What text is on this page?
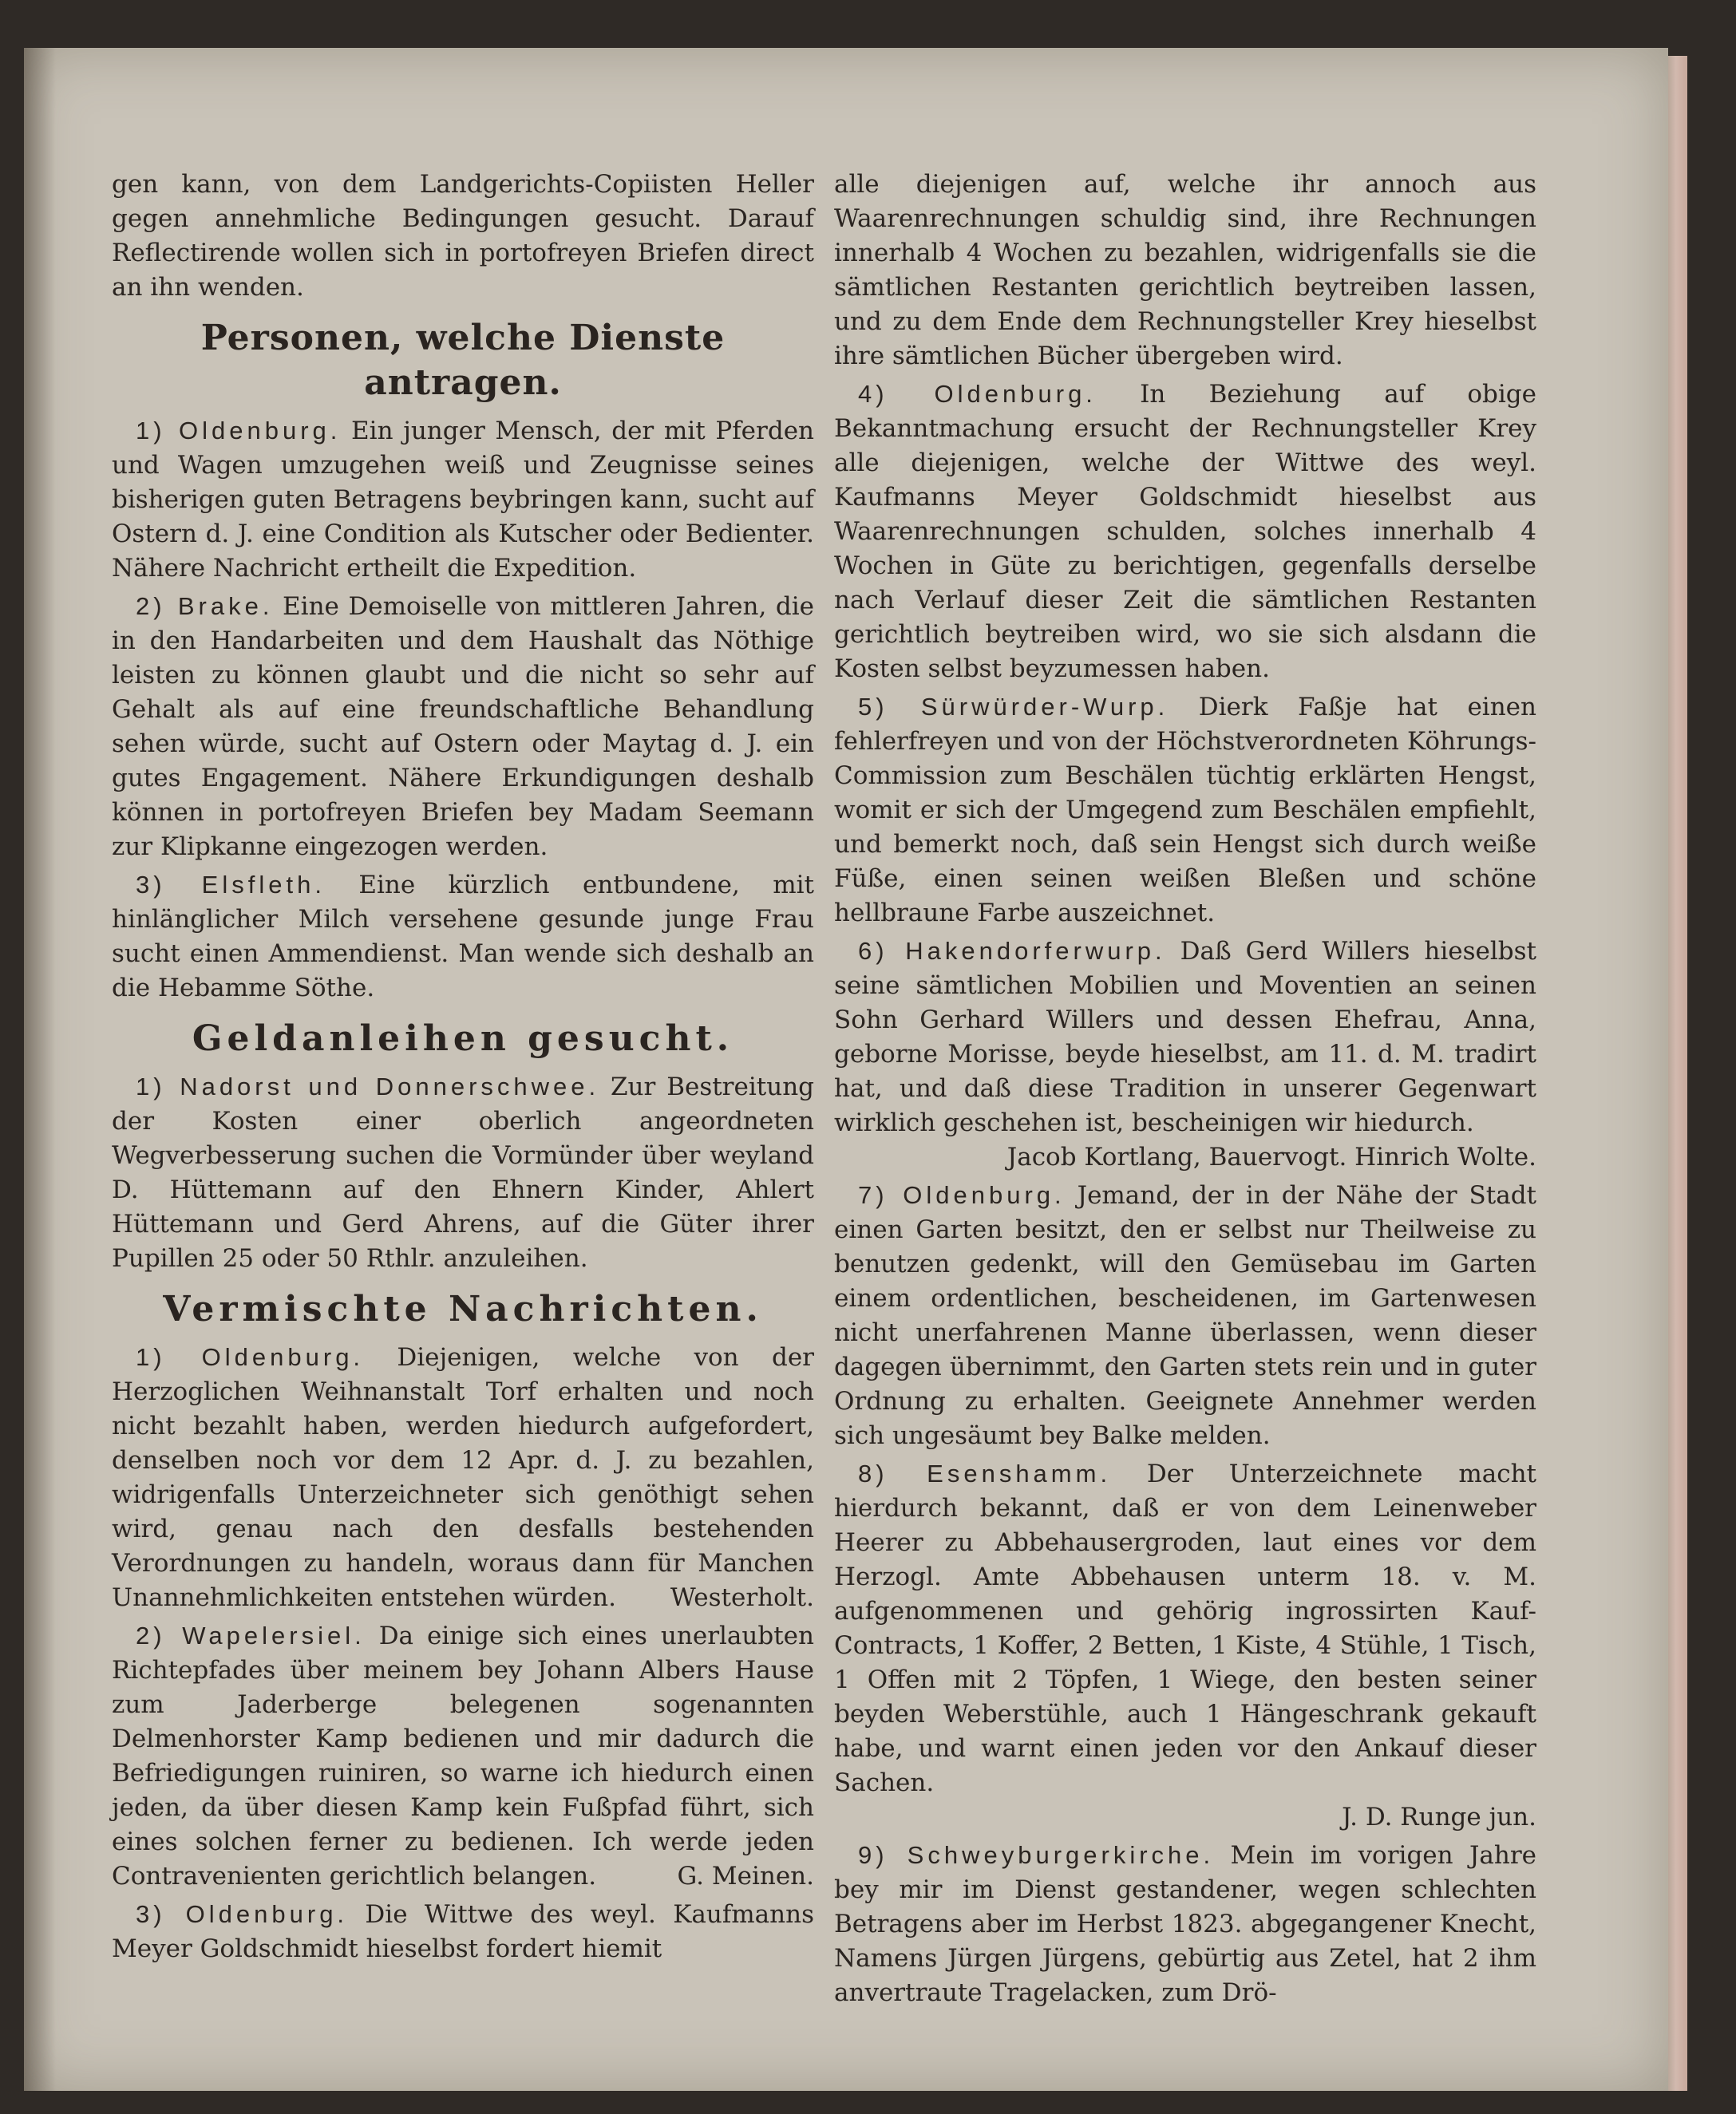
gen kann, von dem Landgerichts-Copiisten Heller gegen annehmliche Bedingungen gesucht. Darauf Reflectirende wollen sich in portofreyen Briefen direct an ihn wenden.

Personen, welche Dienste antragen.

1) Oldenburg. Ein junger Mensch, der mit Pferden und Wagen umzugehen weiß und Zeugnisse seines bisherigen guten Betragens beybringen kann, sucht auf Ostern d. J. eine Condition als Kutscher oder Bedienter. Nähere Nachricht ertheilt die Expedition.

2) Brake. Eine Demoiselle von mittleren Jahren, die in den Handarbeiten und dem Haushalt das Nöthige leisten zu können glaubt und die nicht so sehr auf Gehalt als auf eine freundschaftliche Behandlung sehen würde, sucht auf Ostern oder Maytag d. J. ein gutes Engagement. Nähere Erkundigungen deshalb können in portofreyen Briefen bey Madam Seemann zur Klipkanne eingezogen werden.

3) Elsfleth. Eine kürzlich entbundene, mit hinlänglicher Milch versehene gesunde junge Frau sucht einen Ammendienst. Man wende sich deshalb an die Hebamme Söthe.

Geldanleihen gesucht.

1) Nadorst und Donnerschwee. Zur Bestreitung der Kosten einer oberlich angeordneten Wegverbesserung suchen die Vormünder über weyland D. Hüttemann auf den Ehnern Kinder, Ahlert Hüttemann und Gerd Ahrens, auf die Güter ihrer Pupillen 25 oder 50 Rthlr. anzuleihen.

Vermischte Nachrichten.

1) Oldenburg. Diejenigen, welche von der Herzoglichen Weihnanstalt Torf erhalten und noch nicht bezahlt haben, werden hiedurch aufgefordert, denselben noch vor dem 12 Apr. d. J. zu bezahlen, widrigenfalls Unterzeichneter sich genöthigt sehen wird, genau nach den desfalls bestehenden Verordnungen zu handeln, woraus dann für Manchen Unannehmlichkeiten entstehen würden.	Westerholt.

2) Wapelersiel. Da einige sich eines unerlaubten Richtepfades über meinem bey Johann Albers Hause zum Jaderberge belegenen sogenannten Delmenhorster Kamp bedienen und mir dadurch die Befriedigungen ruiniren, so warne ich hiedurch einen jeden, da über diesen Kamp kein Fußpfad führt, sich eines solchen ferner zu bedienen. Ich werde jeden Contravenienten gerichtlich belangen.	G. Meinen.

3) Oldenburg. Die Wittwe des weyl. Kaufmanns Meyer Goldschmidt hieselbst fordert hiemit

alle diejenigen auf, welche ihr annoch aus Waarenrechnungen schuldig sind, ihre Rechnungen innerhalb 4 Wochen zu bezahlen, widrigenfalls sie die sämtlichen Restanten gerichtlich beytreiben lassen, und zu dem Ende dem Rechnungsteller Krey hieselbst ihre sämtlichen Bücher übergeben wird.

4) Oldenburg. In Beziehung auf obige Bekanntmachung ersucht der Rechnungsteller Krey alle diejenigen, welche der Wittwe des weyl. Kaufmanns Meyer Goldschmidt hieselbst aus Waarenrechnungen schulden, solches innerhalb 4 Wochen in Güte zu berichtigen, gegenfalls derselbe nach Verlauf dieser Zeit die sämtlichen Restanten gerichtlich beytreiben wird, wo sie sich alsdann die Kosten selbst beyzumessen haben.

5) Sürwürder-Wurp. Dierk Faßje hat einen fehlerfreyen und von der Höchstverordneten Köhrungs-Commission zum Beschälen tüchtig erklärten Hengst, womit er sich der Umgegend zum Beschälen empfiehlt, und bemerkt noch, daß sein Hengst sich durch weiße Füße, einen seinen weißen Bleßen und schöne hellbraune Farbe auszeichnet.

6) Hakendorferwurp. Daß Gerd Willers hieselbst seine sämtlichen Mobilien und Moventien an seinen Sohn Gerhard Willers und dessen Ehefrau, Anna, geborne Morisse, beyde hieselbst, am 11. d. M. tradirt hat, und daß diese Tradition in unserer Gegenwart wirklich geschehen ist, bescheinigen wir hiedurch.
Jacob Kortlang, Bauervogt. Hinrich Wolte.

7) Oldenburg. Jemand, der in der Nähe der Stadt einen Garten besitzt, den er selbst nur Theilweise zu benutzen gedenkt, will den Gemüsebau im Garten einem ordentlichen, bescheidenen, im Gartenwesen nicht unerfahrenen Manne überlassen, wenn dieser dagegen übernimmt, den Garten stets rein und in guter Ordnung zu erhalten. Geeignete Annehmer werden sich ungesäumt bey Balke melden.

8) Esenshamm. Der Unterzeichnete macht hierdurch bekannt, daß er von dem Leinenweber Heerer zu Abbehausergroden, laut eines vor dem Herzogl. Amte Abbehausen unterm 18. v. M. aufgenommenen und gehörig ingrossirten Kauf-Contracts, 1 Koffer, 2 Betten, 1 Kiste, 4 Stühle, 1 Tisch, 1 Offen mit 2 Töpfen, 1 Wiege, den besten seiner beyden Weberstühle, auch 1 Hängeschrank gekauft habe, und warnt einen jeden vor den Ankauf dieser Sachen.
J. D. Runge jun.

9) Schweyburgerkirche. Mein im vorigen Jahre bey mir im Dienst gestandener, wegen schlechten Betragens aber im Herbst 1823. abgegangener Knecht, Namens Jürgen Jürgens, gebürtig aus Zetel, hat 2 ihm anvertraute Tragelacken, zum Drö-
